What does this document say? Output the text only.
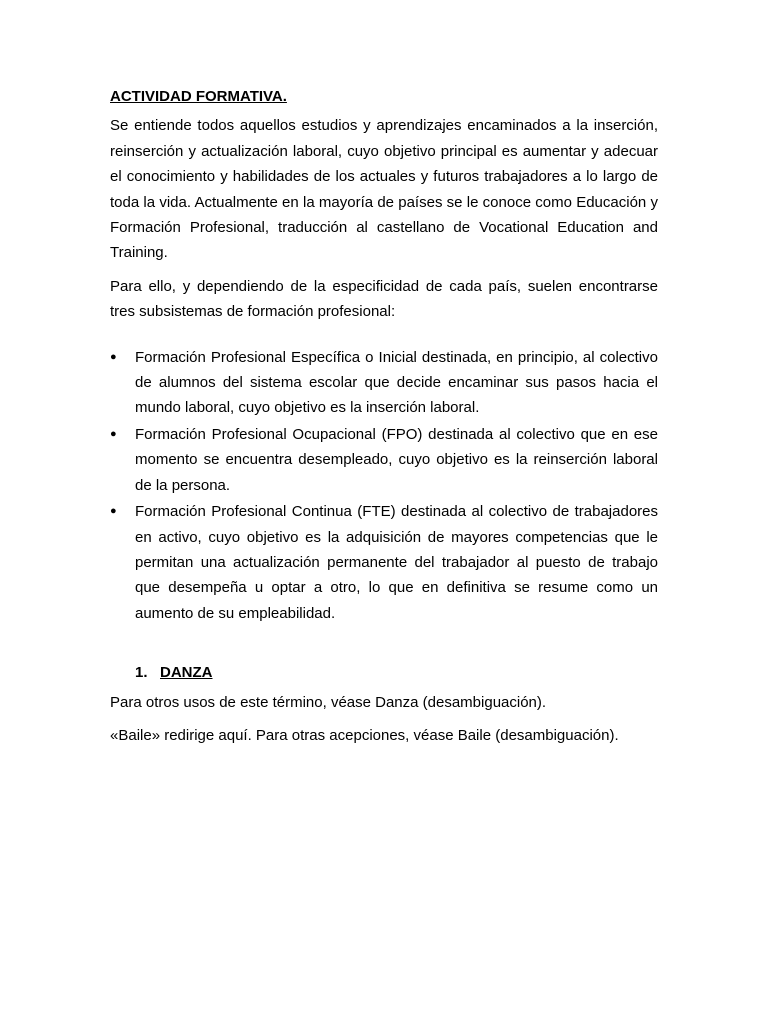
ACTIVIDAD FORMATIVA.

Se entiende todos aquellos estudios y aprendizajes encaminados a la inserción, reinserción y actualización laboral, cuyo objetivo principal es aumentar y adecuar el conocimiento y habilidades de los actuales y futuros trabajadores a lo largo de toda la vida. Actualmente en la mayoría de países se le conoce como Educación y Formación Profesional, traducción al castellano de Vocational Education and Training.

Para ello, y dependiendo de la especificidad de cada país, suelen encontrarse tres subsistemas de formación profesional:

● Formación Profesional Específica o Inicial destinada, en principio, al colectivo de alumnos del sistema escolar que decide encaminar sus pasos hacia el mundo laboral, cuyo objetivo es la inserción laboral.
● Formación Profesional Ocupacional (FPO) destinada al colectivo que en ese momento se encuentra desempleado, cuyo objetivo es la reinserción laboral de la persona.
● Formación Profesional Continua (FTE) destinada al colectivo de trabajadores en activo, cuyo objetivo es la adquisición de mayores competencias que le permitan una actualización permanente del trabajador al puesto de trabajo que desempeña u optar a otro, lo que en definitiva se resume como un aumento de su empleabilidad.
1. DANZA

Para otros usos de este término, véase Danza (desambiguación).

«Baile» redirige aquí. Para otras acepciones, véase Baile (desambiguación).
